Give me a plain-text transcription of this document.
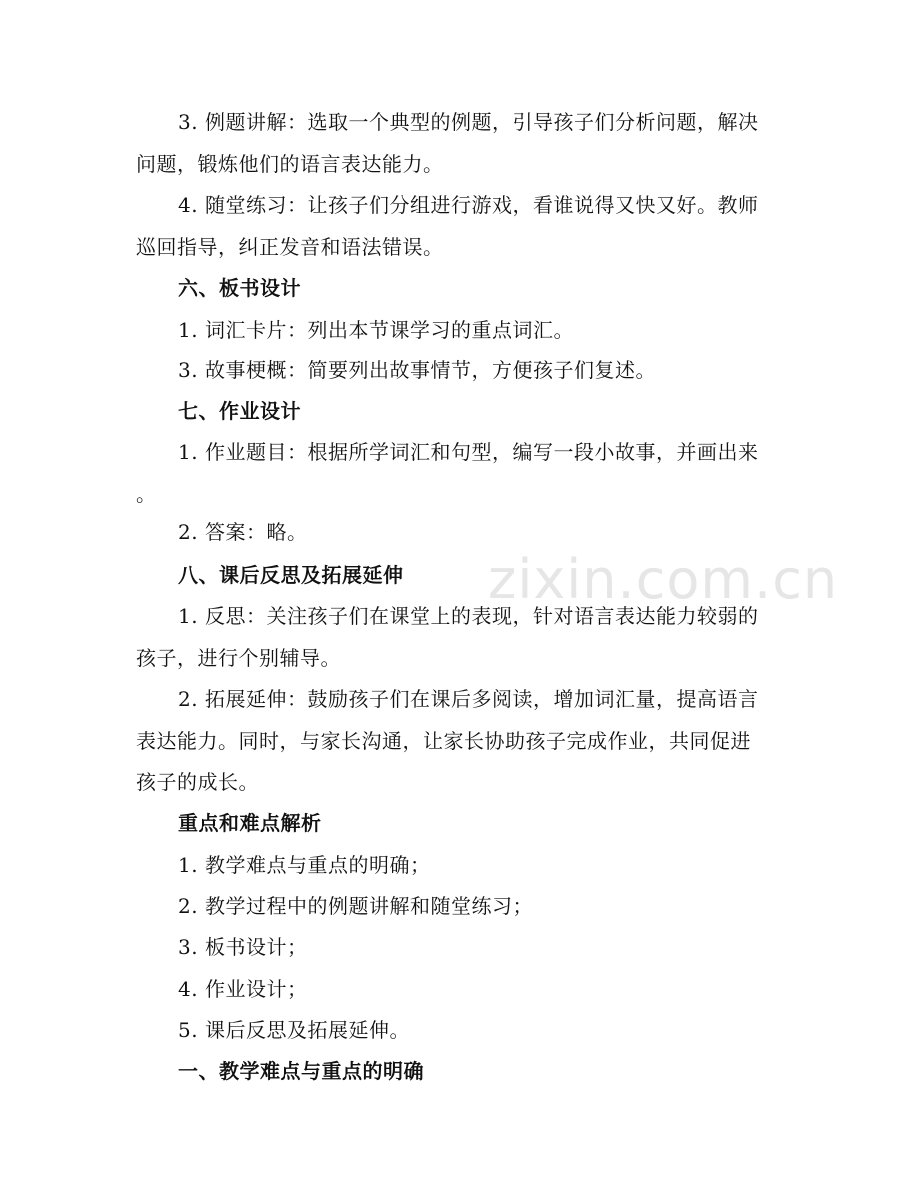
3. 例题讲解：选取一个典型的例题，引导孩子们分析问题，解决
问题，锻炼他们的语言表达能力。
4. 随堂练习：让孩子们分组进行游戏，看谁说得又快又好。教师
巡回指导，纠正发音和语法错误。
六、板书设计
1. 词汇卡片：列出本节课学习的重点词汇。
3. 故事梗概：简要列出故事情节，方便孩子们复述。
七、作业设计
1. 作业题目：根据所学词汇和句型，编写一段小故事，并画出来
。
2. 答案：略。
八、课后反思及拓展延伸
1. 反思：关注孩子们在课堂上的表现，针对语言表达能力较弱的
孩子，进行个别辅导。
2. 拓展延伸：鼓励孩子们在课后多阅读，增加词汇量，提高语言
表达能力。同时，与家长沟通，让家长协助孩子完成作业，共同促进
孩子的成长。
重点和难点解析
1. 教学难点与重点的明确；
2. 教学过程中的例题讲解和随堂练习；
3. 板书设计；
4. 作业设计；
5. 课后反思及拓展延伸。
一、教学难点与重点的明确
zixin.com.cn
